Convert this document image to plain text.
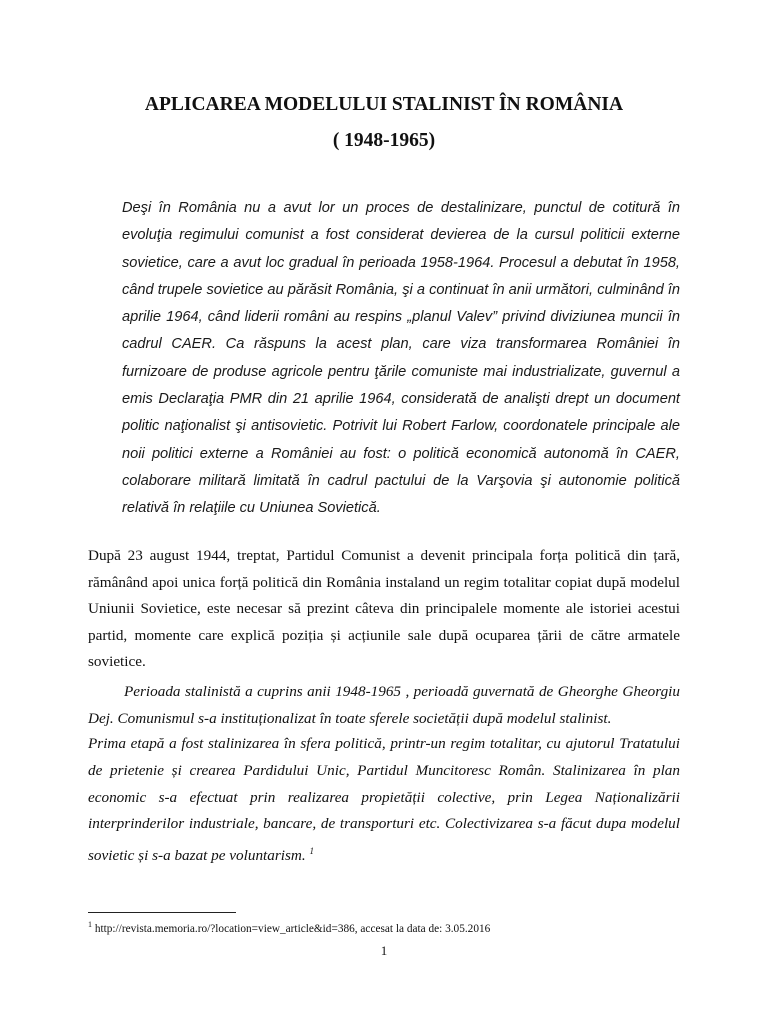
APLICAREA MODELULUI STALINIST ÎN ROMÂNIA
( 1948-1965)

Deşi în România nu a avut lor un proces de destalinizare, punctul de cotitură în evoluţia regimului comunist a fost considerat devierea de la cursul politicii externe sovietice, care a avut loc gradual în perioada 1958-1964. Procesul a debutat în 1958, când trupele sovietice au părăsit România, şi a continuat în anii următori, culminând în aprilie 1964, când liderii români au respins „planul Valev” privind diviziunea muncii în cadrul CAER. Ca răspuns la acest plan, care viza transformarea României în furnizoare de produse agricole pentru ţările comuniste mai industrializate, guvernul a emis Declaraţia PMR din 21 aprilie 1964, considerată de analişti drept un document politic naţionalist şi antisovietic. Potrivit lui Robert Farlow, coordonatele principale ale noii politici externe a României au fost: o politică economică autonomă în CAER, colaborare militară limitată în cadrul pactului de la Varşovia şi autonomie politică relativă în relaţiile cu Uniunea Sovietică.

După 23 august 1944, treptat, Partidul Comunist a devenit principala forța politică din țară, rămânând apoi unica forță politică din România instaland un regim totalitar copiat după modelul Uniunii Sovietice, este necesar să prezint câteva din principalele momente ale istoriei acestui partid, momente care explică poziția și acțiunile sale după ocuparea țării de către armatele sovietice.

Perioada stalinistă a cuprins anii 1948-1965 , perioadă guvernată de Gheorghe Gheorgiu Dej. Comunismul s-a instituționalizat în toate sferele societății după modelul stalinist.

Prima etapă a fost stalinizarea în sfera politică, printr-un regim totalitar, cu ajutorul Tratatului de prietenie și crearea Pardidului Unic, Partidul Muncitoresc Român. Stalinizarea în plan economic s-a efectuat prin realizarea propietății colective, prin Legea Naționalizării interprinderilor industriale, bancare, de transporturi etc. Colectivizarea s-a făcut dupa modelul sovietic și s-a bazat pe voluntarism. $^1$

$^1$ http://revista.memoria.ro/?location=view_article&id=386, accesat la data de: 3.05.2016

1
